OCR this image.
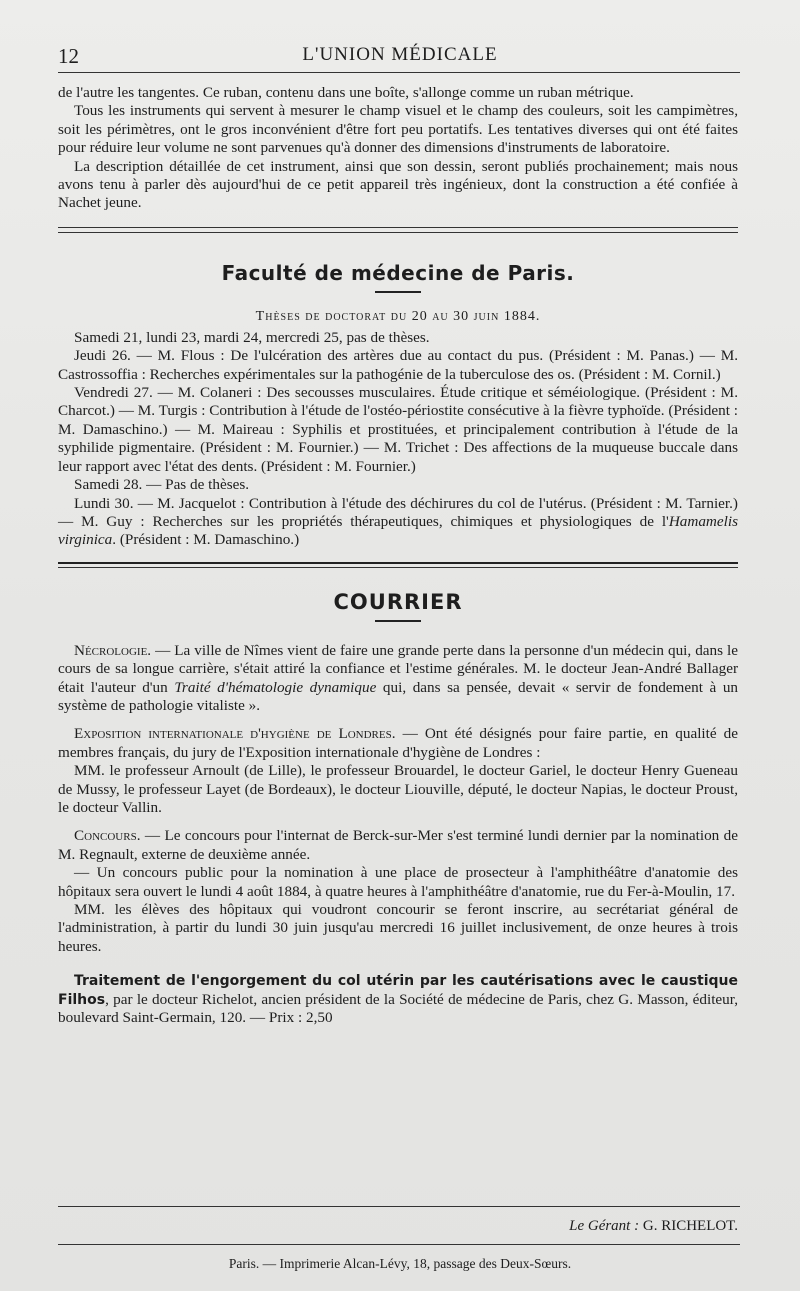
12	L'UNION MÉDICALE

de l'autre les tangentes. Ce ruban, contenu dans une boîte, s'allonge comme un ruban métrique.

Tous les instruments qui servent à mesurer le champ visuel et le champ des couleurs, soit les campimètres, soit les périmètres, ont le gros inconvénient d'être fort peu portatifs. Les tentatives diverses qui ont été faites pour réduire leur volume ne sont parvenues qu'à donner des dimensions d'instruments de laboratoire.

La description détaillée de cet instrument, ainsi que son dessin, seront publiés prochainement; mais nous avons tenu à parler dès aujourd'hui de ce petit appareil très ingénieux, dont la construction a été confiée à Nachet jeune.

Faculté de médecine de Paris.
Thèses de doctorat du 20 au 30 juin 1884.

Samedi 21, lundi 23, mardi 24, mercredi 25, pas de thèses.

Jeudi 26. — M. Flous : De l'ulcération des artères due au contact du pus. (Président : M. Panas.) — M. Castrossoffia : Recherches expérimentales sur la pathogénie de la tuberculose des os. (Président : M. Cornil.)

Vendredi 27. — M. Colaneri : Des secousses musculaires. Étude critique et séméiologique. (Président : M. Charcot.) — M. Turgis : Contribution à l'étude de l'ostéo-périostite consécutive à la fièvre typhoïde. (Président : M. Damaschino.) — M. Maireau : Syphilis et prostituées, et principalement contribution à l'étude de la syphilide pigmentaire. (Président : M. Fournier.) — M. Trichet : Des affections de la muqueuse buccale dans leur rapport avec l'état des dents. (Président : M. Fournier.)

Samedi 28. — Pas de thèses.

Lundi 30. — M. Jacquelot : Contribution à l'étude des déchirures du col de l'utérus. (Président : M. Tarnier.) — M. Guy : Recherches sur les propriétés thérapeutiques, chimiques et physiologiques de l'Hamamelis virginica. (Président : M. Damaschino.)

COURRIER

Nécrologie. — La ville de Nîmes vient de faire une grande perte dans la personne d'un médecin qui, dans le cours de sa longue carrière, s'était attiré la confiance et l'estime générales. M. le docteur Jean-André Ballager était l'auteur d'un Traité d'hématologie dynamique qui, dans sa pensée, devait « servir de fondement à un système de pathologie vitaliste ».

Exposition internationale d'hygiène de Londres. — Ont été désignés pour faire partie, en qualité de membres français, du jury de l'Exposition internationale d'hygiène de Londres :

MM. le professeur Arnoult (de Lille), le professeur Brouardel, le docteur Gariel, le docteur Henry Gueneau de Mussy, le professeur Layet (de Bordeaux), le docteur Liouville, député, le docteur Napias, le docteur Proust, le docteur Vallin.

Concours. — Le concours pour l'internat de Berck-sur-Mer s'est terminé lundi dernier par la nomination de M. Regnault, externe de deuxième année.

— Un concours public pour la nomination à une place de prosecteur à l'amphithéâtre d'anatomie des hôpitaux sera ouvert le lundi 4 août 1884, à quatre heures à l'amphithéâtre d'anatomie, rue du Fer-à-Moulin, 17.

MM. les élèves des hôpitaux qui voudront concourir se feront inscrire, au secrétariat général de l'administration, à partir du lundi 30 juin jusqu'au mercredi 16 juillet inclusivement, de onze heures à trois heures.

Traitement de l'engorgement du col utérin par les cautérisations avec le caustique Filhos, par le docteur Richelot, ancien président de la Société de médecine de Paris, chez G. Masson, éditeur, boulevard Saint-Germain, 120. — Prix : 2,50

Le Gérant : G. RICHELOT.
Paris. — Imprimerie Alcan-Lévy, 18, passage des Deux-Sœurs.
